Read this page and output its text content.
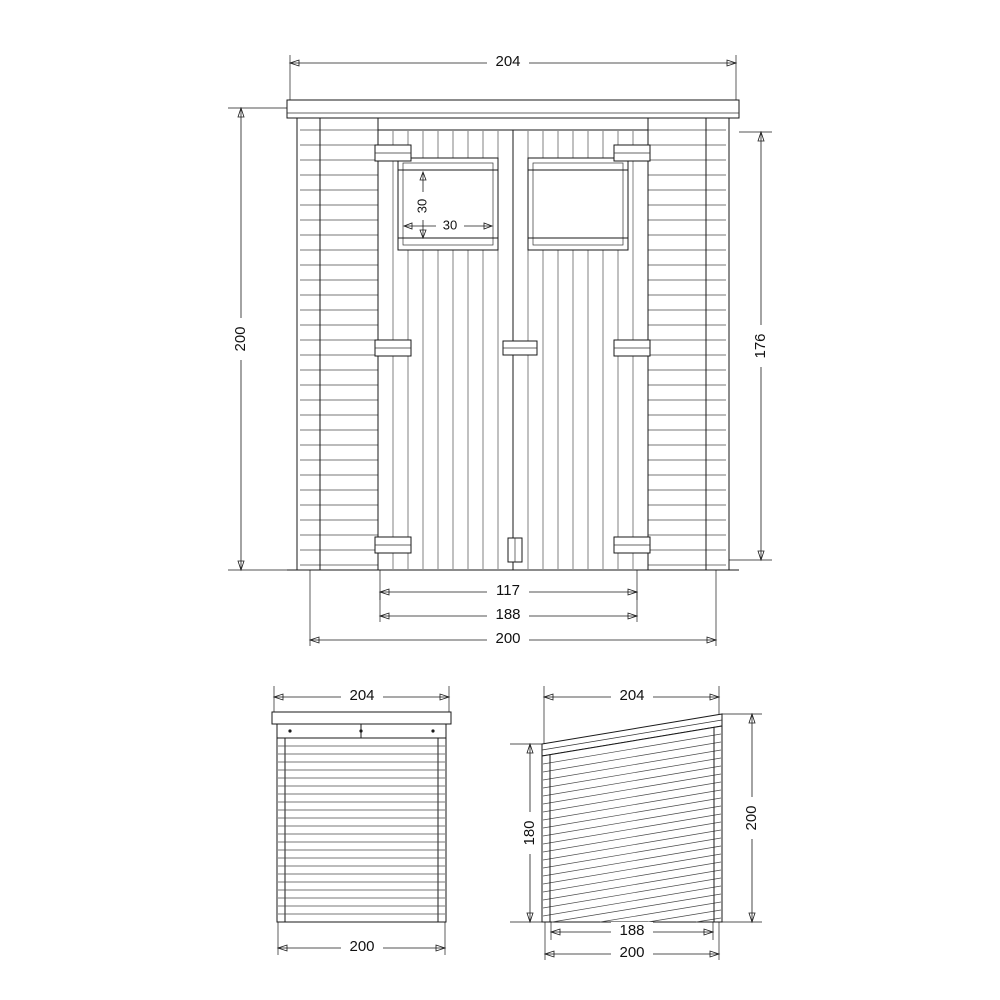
204
200	176
30
30
117
188
200
204
200
204
180
200
188
200
